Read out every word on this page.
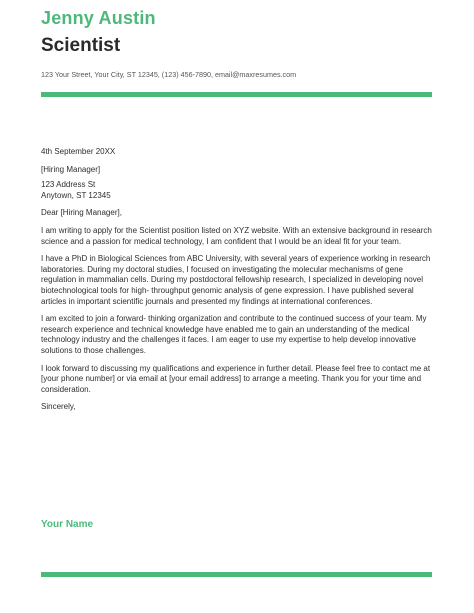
Jenny Austin
Scientist
123 Your Street, Your City, ST 12345, (123) 456-7890, email@maxresumes.com
4th September 20XX
[Hiring Manager]
123 Address St
Anytown, ST 12345

Dear [Hiring Manager],

I am writing to apply for the Scientist position listed on XYZ website. With an extensive background in research science and a passion for medical technology, I am confident that I would be an ideal fit for your team.

I have a PhD in Biological Sciences from ABC University, with several years of experience working in research laboratories. During my doctoral studies, I focused on investigating the molecular mechanisms of gene regulation in mammalian cells. During my postdoctoral fellowship research, I specialized in developing novel biotechnological tools for high- throughput genomic analysis of gene expression. I have published several articles in important scientific journals and presented my findings at international conferences.

I am excited to join a forward- thinking organization and contribute to the continued success of your team. My research experience and technical knowledge have enabled me to gain an understanding of the medical technology industry and the challenges it faces. I am eager to use my expertise to help develop innovative solutions to those challenges.

I look forward to discussing my qualifications and experience in further detail. Please feel free to contact me at [your phone number] or via email at [your email address] to arrange a meeting. Thank you for your time and consideration.

Sincerely,

Your Name
